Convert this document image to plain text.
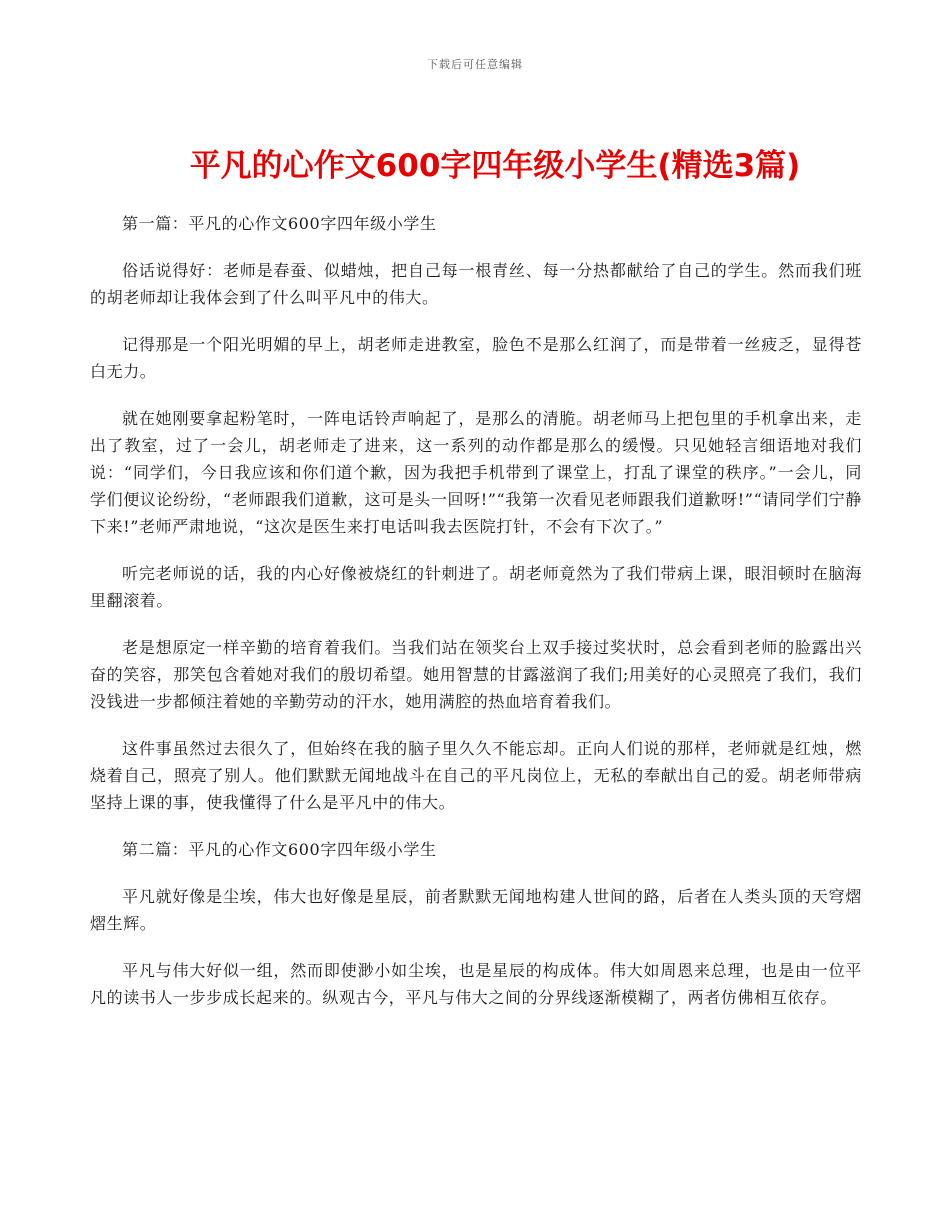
下载后可任意编辑
平凡的心作文600字四年级小学生(精选3篇)

第一篇：平凡的心作文600字四年级小学生

俗话说得好：老师是春蚕、似蜡烛，把自己每一根青丝、每一分热都献给了自己的学生。然而我们班的胡老师却让我体会到了什么叫平凡中的伟大。

记得那是一个阳光明媚的早上，胡老师走进教室，脸色不是那么红润了，而是带着一丝疲乏，显得苍白无力。

就在她刚要拿起粉笔时，一阵电话铃声响起了，是那么的清脆。胡老师马上把包里的手机拿出来，走出了教室，过了一会儿，胡老师走了进来，这一系列的动作都是那么的缓慢。只见她轻言细语地对我们说：“同学们，今日我应该和你们道个歉，因为我把手机带到了课堂上，打乱了课堂的秩序。”一会儿，同学们便议论纷纷，“老师跟我们道歉，这可是头一回呀!”“我第一次看见老师跟我们道歉呀!”“请同学们宁静下来!”老师严肃地说，“这次是医生来打电话叫我去医院打针，不会有下次了。”

听完老师说的话，我的内心好像被烧红的针刺进了。胡老师竟然为了我们带病上课，眼泪顿时在脑海里翻滚着。

老是想原定一样辛勤的培育着我们。当我们站在领奖台上双手接过奖状时，总会看到老师的脸露出兴奋的笑容，那笑包含着她对我们的殷切希望。她用智慧的甘露滋润了我们;用美好的心灵照亮了我们，我们没钱进一步都倾注着她的辛勤劳动的汗水，她用满腔的热血培育着我们。

这件事虽然过去很久了，但始终在我的脑子里久久不能忘却。正向人们说的那样，老师就是红烛，燃烧着自己，照亮了别人。他们默默无闻地战斗在自己的平凡岗位上，无私的奉献出自己的爱。胡老师带病坚持上课的事，使我懂得了什么是平凡中的伟大。

第二篇：平凡的心作文600字四年级小学生

平凡就好像是尘埃，伟大也好像是星辰，前者默默无闻地构建人世间的路，后者在人类头顶的天穹熠熠生辉。

平凡与伟大好似一组，然而即使渺小如尘埃，也是星辰的构成体。伟大如周恩来总理，也是由一位平凡的读书人一步步成长起来的。纵观古今，平凡与伟大之间的分界线逐渐模糊了，两者仿佛相互依存。
